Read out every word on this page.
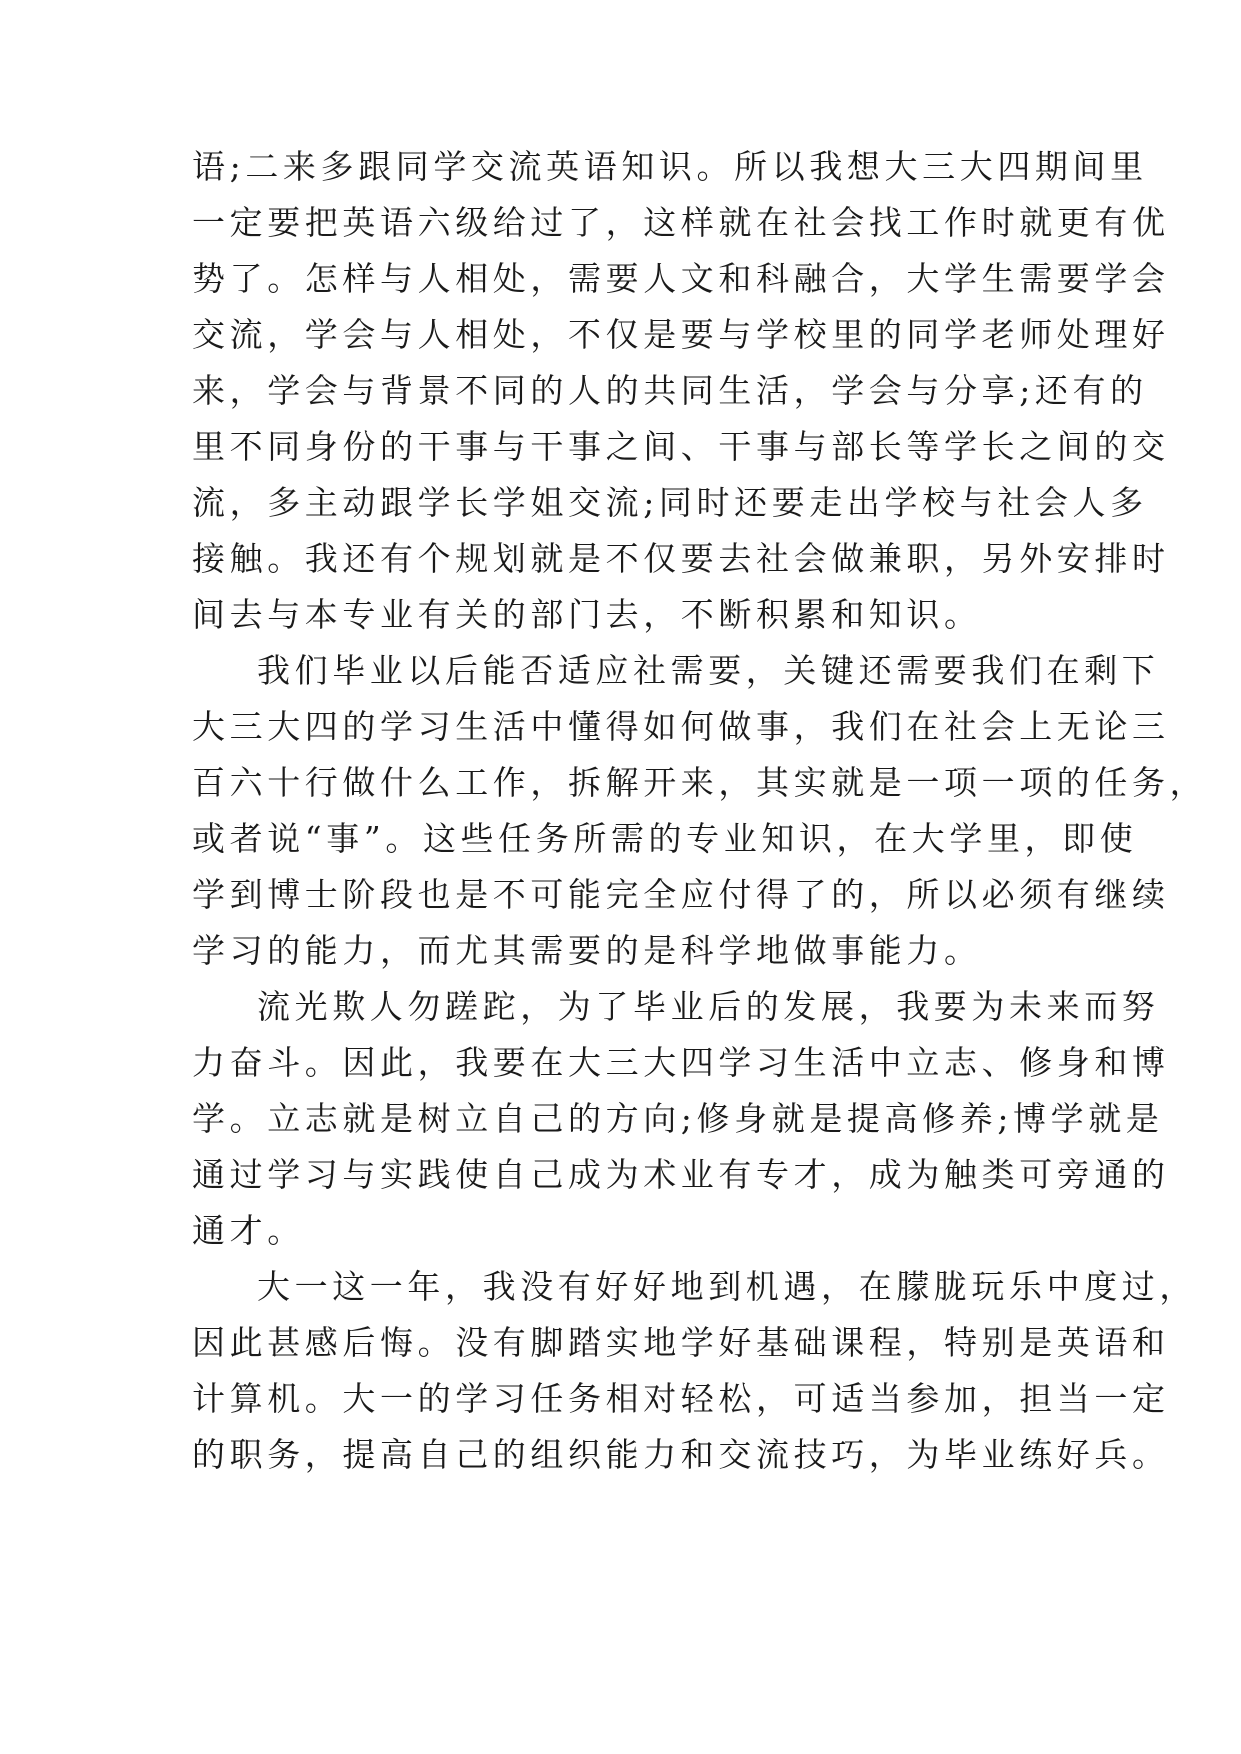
语;二来多跟同学交流英语知识。所以我想大三大四期间里
一定要把英语六级给过了，这样就在社会找工作时就更有优
势了。怎样与人相处，需要人文和科融合，大学生需要学会
交流，学会与人相处，不仅是要与学校里的同学老师处理好
来，学会与背景不同的人的共同生活，学会与分享;还有的
里不同身份的干事与干事之间、干事与部长等学长之间的交
流，多主动跟学长学姐交流;同时还要走出学校与社会人多
接触。我还有个规划就是不仅要去社会做兼职，另外安排时
间去与本专业有关的部门去，不断积累和知识。
我们毕业以后能否适应社需要，关键还需要我们在剩下
大三大四的学习生活中懂得如何做事，我们在社会上无论三
百六十行做什么工作，拆解开来，其实就是一项一项的任务，
或者说“事”。这些任务所需的专业知识，在大学里，即使
学到博士阶段也是不可能完全应付得了的，所以必须有继续
学习的能力，而尤其需要的是科学地做事能力。
流光欺人勿蹉跎，为了毕业后的发展，我要为未来而努
力奋斗。因此，我要在大三大四学习生活中立志、修身和博
学。立志就是树立自己的方向;修身就是提高修养;博学就是
通过学习与实践使自己成为术业有专才，成为触类可旁通的
通才。
大一这一年，我没有好好地到机遇，在朦胧玩乐中度过，
因此甚感后悔。没有脚踏实地学好基础课程，特别是英语和
计算机。大一的学习任务相对轻松，可适当参加，担当一定
的职务，提高自己的组织能力和交流技巧，为毕业练好兵。
